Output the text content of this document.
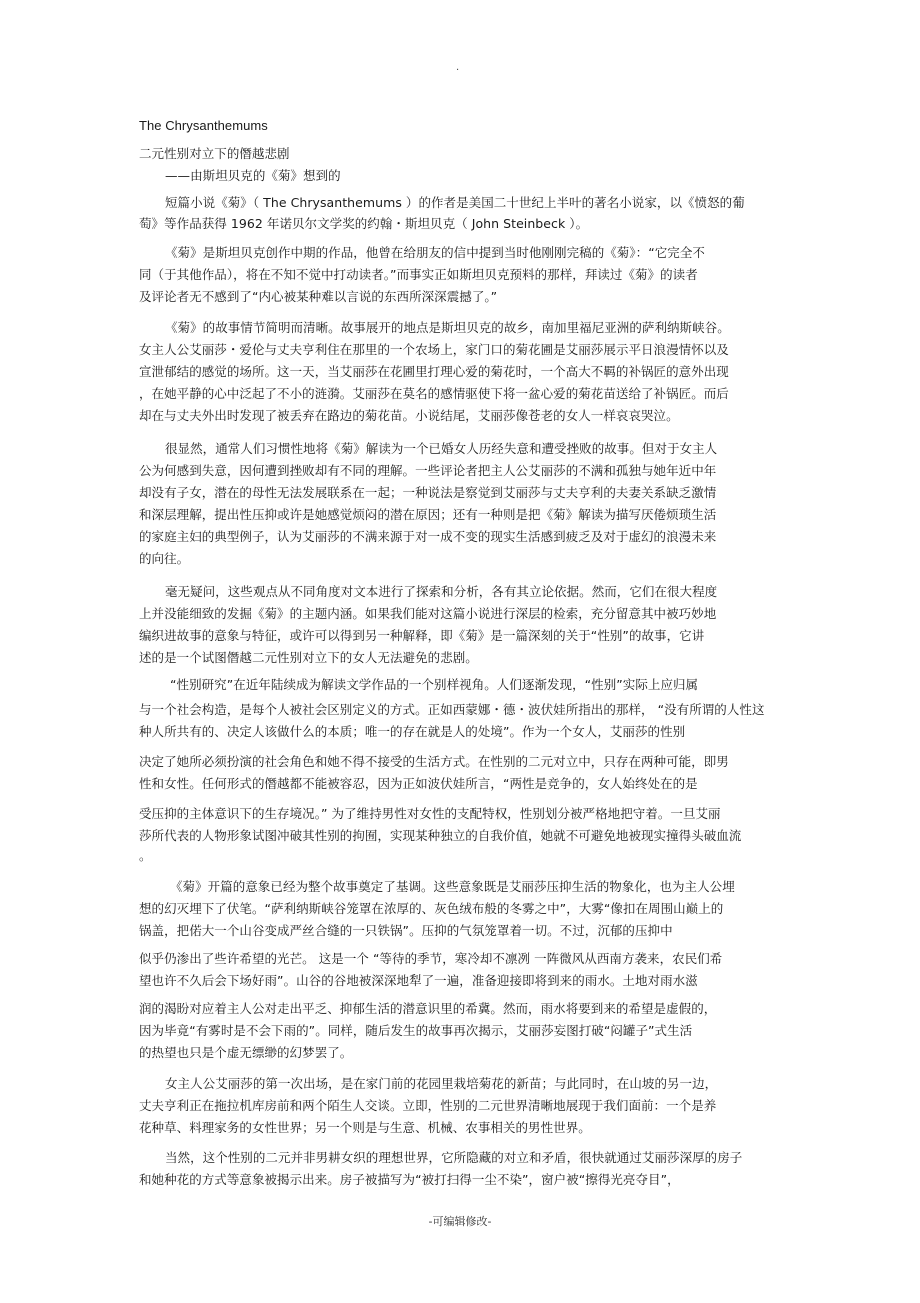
.
The Chrysanthemums
二元性别对立下的僭越悲剧
——由斯坦贝克的《菊》想到的
短篇小说《菊》（ The Chrysanthemums ）的作者是美国二十世纪上半叶的著名小说家，以《愤怒的葡
萄》等作品获得 1962 年诺贝尔文学奖的约翰・斯坦贝克（ John Steinbeck ）。
《菊》是斯坦贝克创作中期的作品，他曾在给朋友的信中提到当时他刚刚完稿的《菊》：“它完全不
同（于其他作品），将在不知不觉中打动读者。”而事实正如斯坦贝克预料的那样，拜读过《菊》的读者
及评论者无不感到了“内心被某种难以言说的东西所深深震撼了。”
《菊》的故事情节简明而清晰。故事展开的地点是斯坦贝克的故乡，南加里福尼亚洲的萨利纳斯峡谷。
女主人公艾丽莎・爱伦与丈夫亨利住在那里的一个农场上，家门口的菊花圃是艾丽莎展示平日浪漫情怀以及
宣泄郁结的感觉的场所。这一天，当艾丽莎在花圃里打理心爱的菊花时，一个高大不羁的补锅匠的意外出现
，在她平静的心中泛起了不小的涟漪。艾丽莎在莫名的感情驱使下将一盆心爱的菊花苗送给了补锅匠。而后
却在与丈夫外出时发现了被丢弃在路边的菊花苗。小说结尾，艾丽莎像苍老的女人一样哀哀哭泣。
很显然，通常人们习惯性地将《菊》解读为一个已婚女人历经失意和遭受挫败的故事。但对于女主人
公为何感到失意，因何遭到挫败却有不同的理解。一些评论者把主人公艾丽莎的不满和孤独与她年近中年
却没有子女，潜在的母性无法发展联系在一起；一种说法是察觉到艾丽莎与丈夫亨利的夫妻关系缺乏激情
和深层理解，提出性压抑或许是她感觉烦闷的潜在原因；还有一种则是把《菊》解读为描写厌倦烦琐生活
的家庭主妇的典型例子，认为艾丽莎的不满来源于对一成不变的现实生活感到疲乏及对于虚幻的浪漫未来
的向往。
毫无疑问，这些观点从不同角度对文本进行了探索和分析，各有其立论依据。然而，它们在很大程度
上并没能细致的发掘《菊》的主题内涵。如果我们能对这篇小说进行深层的检索，充分留意其中被巧妙地
编织进故事的意象与特征，或许可以得到另一种解释，即《菊》是一篇深刻的关于“性别”的故事，它讲
述的是一个试图僭越二元性别对立下的女人无法避免的悲剧。
“性别研究”在近年陆续成为解读文学作品的一个别样视角。人们逐渐发现，“性别”实际上应归属
与一个社会构造，是每个人被社会区别定义的方式。正如西蒙娜・德・波伏娃所指出的那样， “没有所谓的人性这
种人所共有的、决定人该做什么的本质；唯一的存在就是人的处境”。作为一个女人，艾丽莎的性别
决定了她所必须扮演的社会角色和她不得不接受的生活方式。在性别的二元对立中，只存在两种可能，即男
性和女性。任何形式的僭越都不能被容忍，因为正如波伏娃所言，“两性是竞争的，女人始终处在的是
受压抑的主体意识下的生存境况。” 为了维持男性对女性的支配特权，性别划分被严格地把守着。一旦艾丽
莎所代表的人物形象试图冲破其性别的拘囿，实现某种独立的自我价值，她就不可避免地被现实撞得头破血流
。
《菊》开篇的意象已经为整个故事奠定了基调。这些意象既是艾丽莎压抑生活的物象化，也为主人公埋
想的幻灭埋下了伏笔。“萨利纳斯峡谷笼罩在浓厚的、灰色绒布般的冬雾之中”，大雾“像扣在周围山巅上的
锅盖，把偌大一个山谷变成严丝合缝的一只铁锅”。压抑的气氛笼罩着一切。不过，沉郁的压抑中
似乎仍渗出了些许希望的光芒。 这是一个 “等待的季节，寒冷却不凛冽 一阵微风从西南方袭来，农民们希
望也许不久后会下场好雨”。山谷的谷地被深深地犁了一遍，准备迎接即将到来的雨水。土地对雨水滋
润的渴盼对应着主人公对走出平乏、抑郁生活的潜意识里的希冀。然而，雨水将要到来的希望是虚假的，
因为毕竟“有雾时是不会下雨的”。同样，随后发生的故事再次揭示，艾丽莎妄图打破“闷罐子”式生活
的热望也只是个虚无缥缈的幻梦罢了。
女主人公艾丽莎的第一次出场，是在家门前的花园里栽培菊花的新苗；与此同时，在山坡的另一边，
丈夫亨利正在拖拉机库房前和两个陌生人交谈。立即，性别的二元世界清晰地展现于我们面前：一个是养
花种草、料理家务的女性世界；另一个则是与生意、机械、农事相关的男性世界。
当然，这个性别的二元并非男耕女织的理想世界，它所隐藏的对立和矛盾，很快就通过艾丽莎深厚的房子
和她种花的方式等意象被揭示出来。房子被描写为“被打扫得一尘不染”，窗户被“擦得光亮夺目”，
-可编辑修改-
